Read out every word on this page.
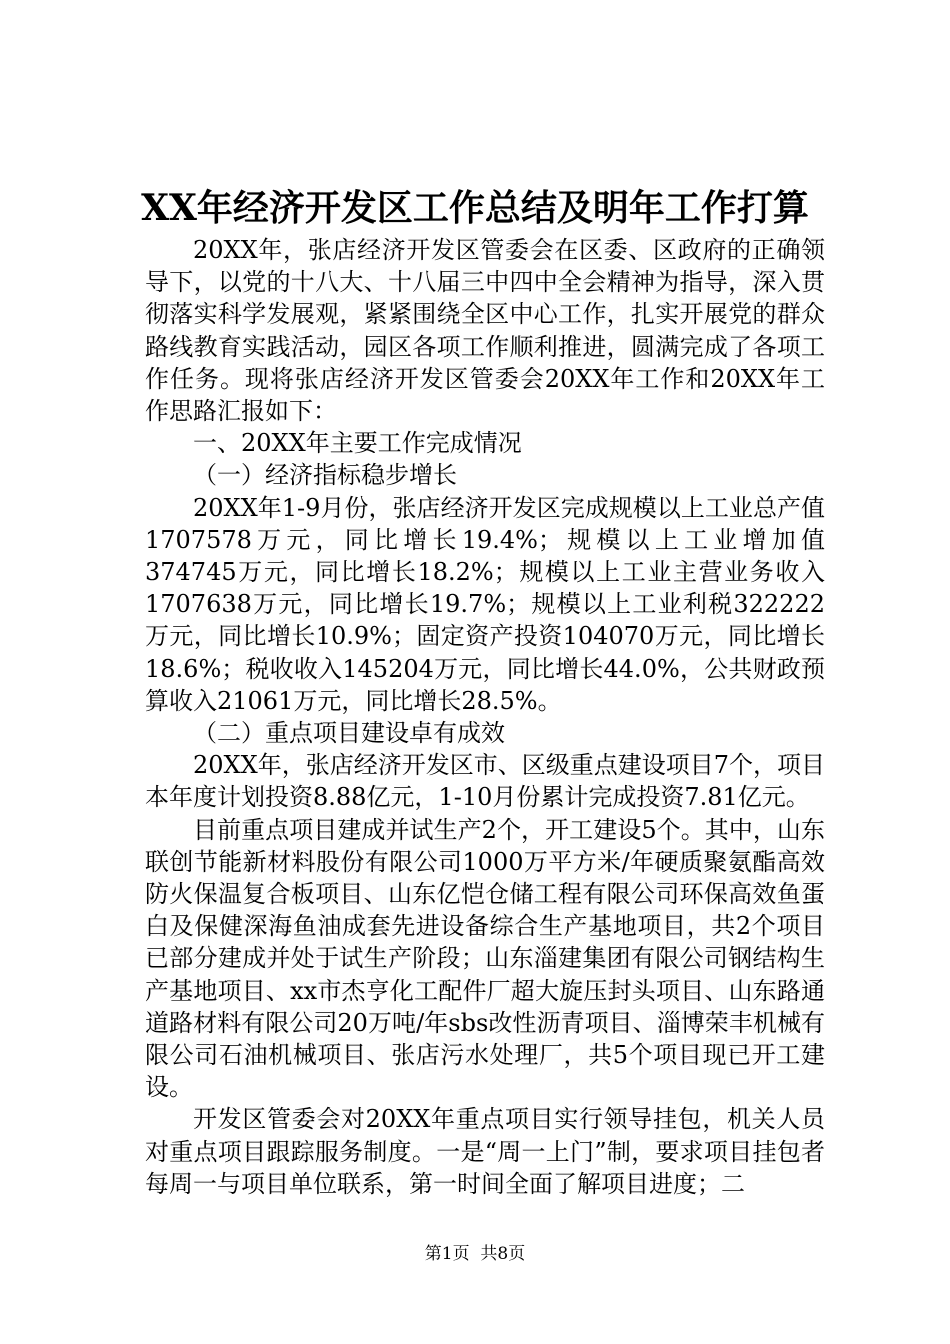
XX年经济开发区工作总结及明年工作打算

20XX年，张店经济开发区管委会在区委、区政府的正确领导下，以党的十八大、十八届三中四中全会精神为指导，深入贯彻落实科学发展观，紧紧围绕全区中心工作，扎实开展党的群众路线教育实践活动，园区各项工作顺利推进，圆满完成了各项工作任务。现将张店经济开发区管委会20XX年工作和20XX年工作思路汇报如下：

一、20XX年主要工作完成情况

（一）经济指标稳步增长

20XX年1-9月份，张店经济开发区完成规模以上工业总产值1707578万元，同比增长19.4%；规模以上工业增加值374745万元，同比增长18.2%；规模以上工业主营业务收入1707638万元，同比增长19.7%；规模以上工业利税322222万元，同比增长10.9%；固定资产投资104070万元，同比增长18.6%；税收收入145204万元，同比增长44.0%，公共财政预算收入21061万元，同比增长28.5%。

（二）重点项目建设卓有成效

20XX年，张店经济开发区市、区级重点建设项目7个，项目本年度计划投资8.88亿元，1-10月份累计完成投资7.81亿元。

目前重点项目建成并试生产2个，开工建设5个。其中，山东联创节能新材料股份有限公司1000万平方米/年硬质聚氨酯高效防火保温复合板项目、山东亿恺仓储工程有限公司环保高效鱼蛋白及保健深海鱼油成套先进设备综合生产基地项目，共2个项目已部分建成并处于试生产阶段；山东淄建集团有限公司钢结构生产基地项目、xx市杰亨化工配件厂超大旋压封头项目、山东路通道路材料有限公司20万吨/年sbs改性沥青项目、淄博荣丰机械有限公司石油机械项目、张店污水处理厂，共5个项目现已开工建设。

开发区管委会对20XX年重点项目实行领导挂包，机关人员对重点项目跟踪服务制度。一是“周一上门”制，要求项目挂包者每周一与项目单位联系，第一时间全面了解项目进度；二

第1页  共8页
